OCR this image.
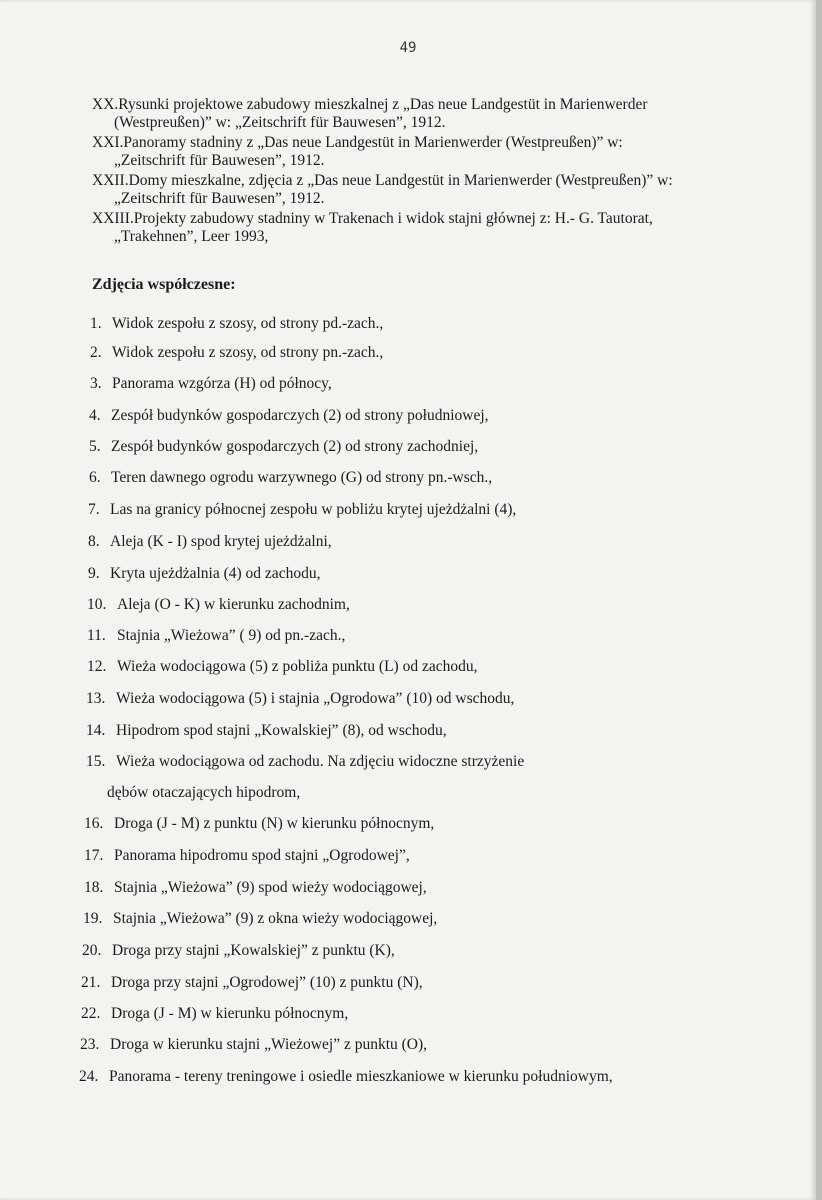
49
XX.Rysunki projektowe zabudowy mieszkalnej z „Das neue Landgestüt in Marienwerder
(Westpreußen)” w: „Zeitschrift für Bauwesen”, 1912.
XXI.Panoramy stadniny z „Das neue Landgestüt in Marienwerder (Westpreußen)” w:
„Zeitschrift für Bauwesen”, 1912.
XXII.Domy mieszkalne, zdjęcia z „Das neue Landgestüt in Marienwerder (Westpreußen)” w:
„Zeitschrift für Bauwesen”, 1912.
XXIII.Projekty zabudowy stadniny w Trakenach i widok stajni głównej z: H.- G. Tautorat,
„Trakehnen”, Leer 1993,
Zdjęcia współczesne:
1. Widok zespołu z szosy, od strony pd.-zach.,
2. Widok zespołu z szosy, od strony pn.-zach.,
3. Panorama wzgórza (H) od północy,
4. Zespół budynków gospodarczych (2) od strony południowej,
5. Zespół budynków gospodarczych (2) od strony zachodniej,
6. Teren dawnego ogrodu warzywnego (G) od strony pn.-wsch.,
7. Las na granicy północnej zespołu w pobliżu krytej ujeżdżalni (4),
8. Aleja (K - I) spod krytej ujeżdżalni,
9. Kryta ujeżdżalnia (4) od zachodu,
10. Aleja (O - K) w kierunku zachodnim,
11. Stajnia „Wieżowa” ( 9) od pn.-zach.,
12. Wieża wodociągowa (5) z pobliża punktu (L) od zachodu,
13. Wieża wodociągowa (5) i stajnia „Ogrodowa” (10) od wschodu,
14. Hipodrom spod stajni „Kowalskiej” (8), od wschodu,
15. Wieża wodociągowa od zachodu. Na zdjęciu widoczne strzyżenie
dębów otaczających hipodrom,
16. Droga (J - M) z punktu (N) w kierunku północnym,
17. Panorama hipodromu spod stajni „Ogrodowej”,
18. Stajnia „Wieżowa” (9) spod wieży wodociągowej,
19. Stajnia „Wieżowa” (9) z okna wieży wodociągowej,
20. Droga przy stajni „Kowalskiej” z punktu (K),
21. Droga przy stajni „Ogrodowej” (10) z punktu (N),
22. Droga (J - M) w kierunku północnym,
23. Droga w kierunku stajni „Wieżowej” z punktu (O),
24. Panorama - tereny treningowe i osiedle mieszkaniowe w kierunku południowym,
